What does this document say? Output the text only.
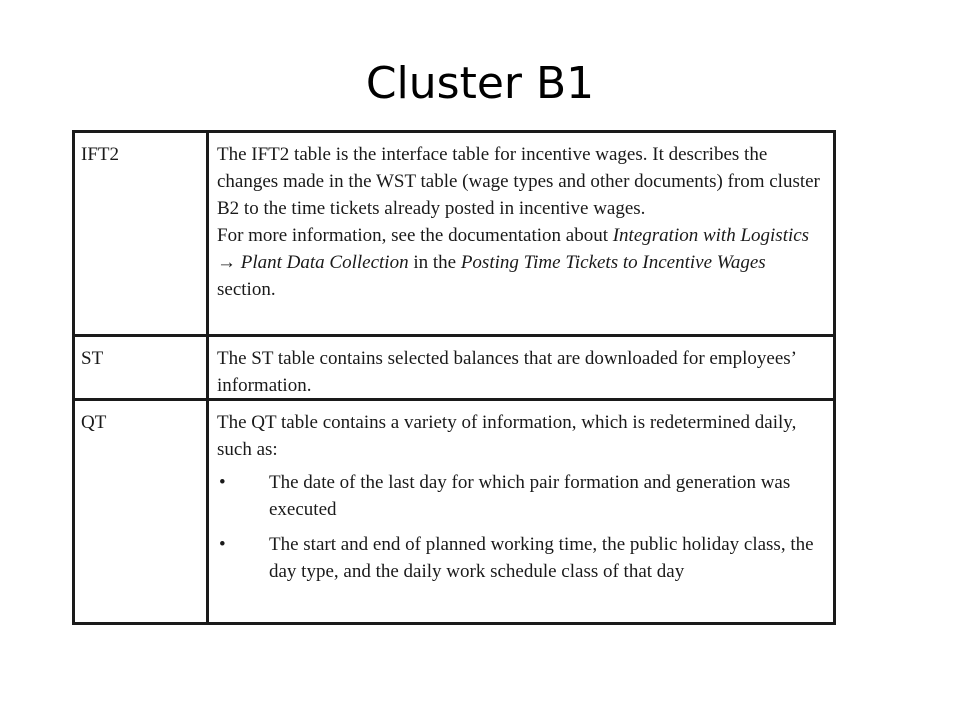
Cluster B1
IFT2	The IFT2 table is the interface table for incentive wages. It describes the changes made in the WST table (wage types and other documents) from cluster B2 to the time tickets already posted in incentive wages.

For more information, see the documentation about Integration with Logistics → Plant Data Collection in the Posting Time Tickets to Incentive Wages section.

ST	The ST table contains selected balances that are downloaded for employees’ information.

QT	The QT table contains a variety of information, which is redetermined daily, such as:

•	The date of the last day for which pair formation and generation was executed
•	The start and end of planned working time, the public holiday class, the day type, and the daily work schedule class of that day
